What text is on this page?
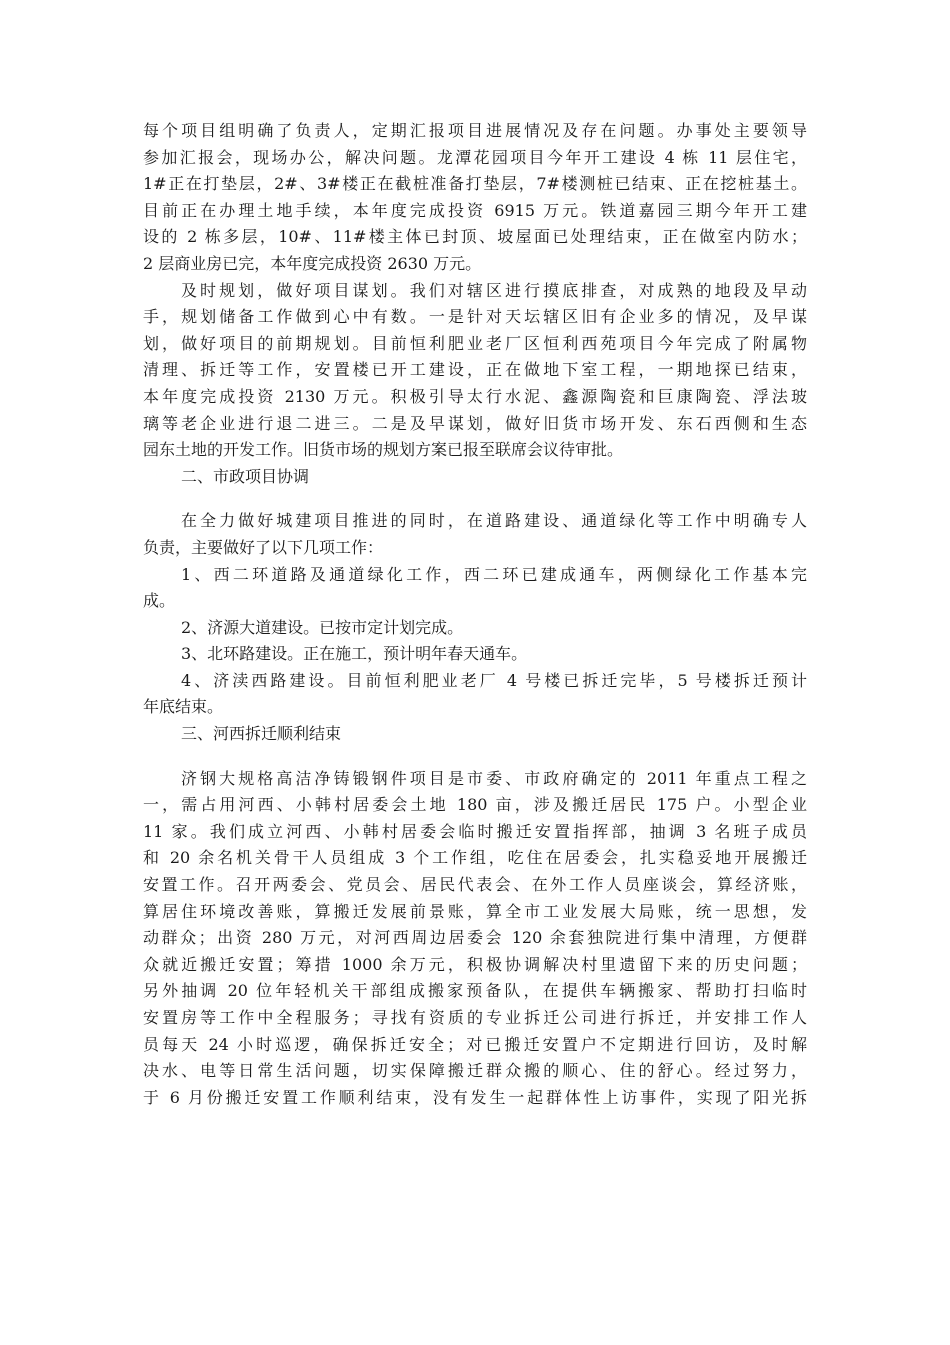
每个项目组明确了负责人，定期汇报项目进展情况及存在问题。办事处主要领导
参加汇报会，现场办公，解决问题。龙潭花园项目今年开工建设 4 栋 11 层住宅，
1#正在打垫层，2#、3#楼正在截桩准备打垫层，7#楼测桩已结束、正在挖桩基土。
目前正在办理土地手续，本年度完成投资 6915 万元。铁道嘉园三期今年开工建
设的 2 栋多层，10#、11#楼主体已封顶、坡屋面已处理结束，正在做室内防水；
2 层商业房已完，本年度完成投资 2630 万元。
及时规划，做好项目谋划。我们对辖区进行摸底排查，对成熟的地段及早动
手，规划储备工作做到心中有数。一是针对天坛辖区旧有企业多的情况，及早谋
划，做好项目的前期规划。目前恒利肥业老厂区恒利西苑项目今年完成了附属物
清理、拆迁等工作，安置楼已开工建设，正在做地下室工程，一期地探已结束，
本年度完成投资 2130 万元。积极引导太行水泥、鑫源陶瓷和巨康陶瓷、浮法玻
璃等老企业进行退二进三。二是及早谋划，做好旧货市场开发、东石西侧和生态
园东土地的开发工作。旧货市场的规划方案已报至联席会议待审批。
二、市政项目协调
在全力做好城建项目推进的同时，在道路建设、通道绿化等工作中明确专人
负责，主要做好了以下几项工作：
1、西二环道路及通道绿化工作，西二环已建成通车，两侧绿化工作基本完
成。
2、济源大道建设。已按市定计划完成。
3、北环路建设。正在施工，预计明年春天通车。
4、济渎西路建设。目前恒利肥业老厂 4 号楼已拆迁完毕，5 号楼拆迁预计
年底结束。
三、河西拆迁顺利结束
济钢大规格高洁净铸锻钢件项目是市委、市政府确定的 2011 年重点工程之
一，需占用河西、小韩村居委会土地 180 亩，涉及搬迁居民 175 户。小型企业
11 家。我们成立河西、小韩村居委会临时搬迁安置指挥部，抽调 3 名班子成员
和 20 余名机关骨干人员组成 3 个工作组，吃住在居委会，扎实稳妥地开展搬迁
安置工作。召开两委会、党员会、居民代表会、在外工作人员座谈会，算经济账，
算居住环境改善账，算搬迁发展前景账，算全市工业发展大局账，统一思想，发
动群众；出资 280 万元，对河西周边居委会 120 余套独院进行集中清理，方便群
众就近搬迁安置；筹措 1000 余万元，积极协调解决村里遗留下来的历史问题；
另外抽调 20 位年轻机关干部组成搬家预备队，在提供车辆搬家、帮助打扫临时
安置房等工作中全程服务；寻找有资质的专业拆迁公司进行拆迁，并安排工作人
员每天 24 小时巡逻，确保拆迁安全；对已搬迁安置户不定期进行回访，及时解
决水、电等日常生活问题，切实保障搬迁群众搬的顺心、住的舒心。经过努力，
于 6 月份搬迁安置工作顺利结束，没有发生一起群体性上访事件，实现了阳光拆
